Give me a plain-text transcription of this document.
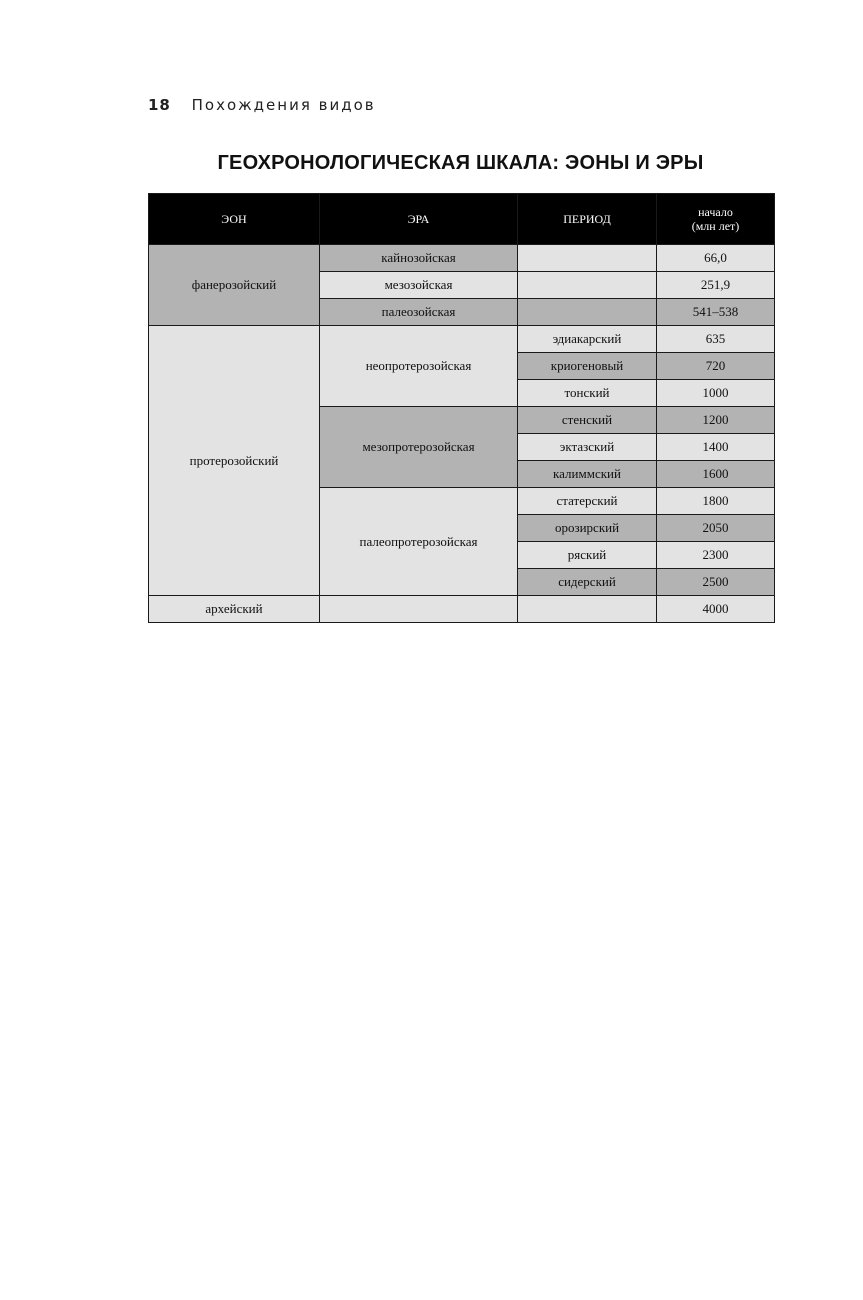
18 Похождения видов
ГЕОХРОНОЛОГИЧЕСКАЯ ШКАЛА: ЭОНЫ И ЭРЫ
ЭОН	ЭРА	ПЕРИОД	начало
(млн лет)
фанерозойский	кайнозойская		66,0
	мезозойская		251,9
	палеозойская		541–538
протерозойский	неопротерозойская	эдиакарский	635
		криогеновый	720
		тонский	1000
	мезопротерозойская	стенский	1200
		эктазский	1400
		калиммский	1600
	палеопротерозойская	статерский	1800
		орозирский	2050
		ряский	2300
		сидерский	2500
архейский			4000
